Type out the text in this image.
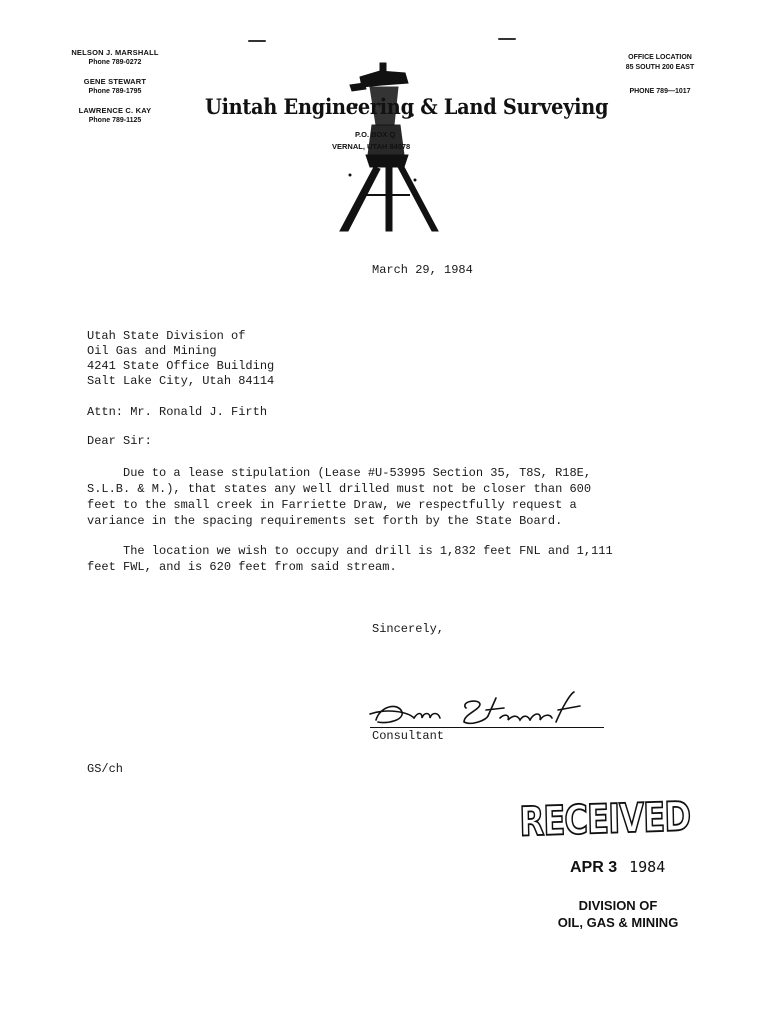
NELSON J. MARSHALL
Phone 789-0272
GENE STEWART
Phone 789-1795
LAWRENCE C. KAY
Phone 789-1125
OFFICE LOCATION
85 SOUTH 200 EAST
PHONE 789—1017
Uintah Engineering & Land Surveying
P.O. BOX Q
VERNAL, UTAH 84078
March 29, 1984
Utah State Division of
Oil Gas and Mining
4241 State Office Building
Salt Lake City, Utah 84114
Attn: Mr. Ronald J. Firth
Dear Sir:
Due to a lease stipulation (Lease #U-53995 Section 35, T8S, R18E,
S.L.B. & M.), that states any well drilled must not be closer than 600
feet to the small creek in Farriette Draw, we respectfully request a
variance in the spacing requirements set forth by the State Board.
The location we wish to occupy and drill is 1,832 feet FNL and 1,111
feet FWL, and is 620 feet from said stream.
Sincerely,
Consultant
GS/ch
RECEIVED
APR 3 1984
DIVISION OF
OIL, GAS & MINING
